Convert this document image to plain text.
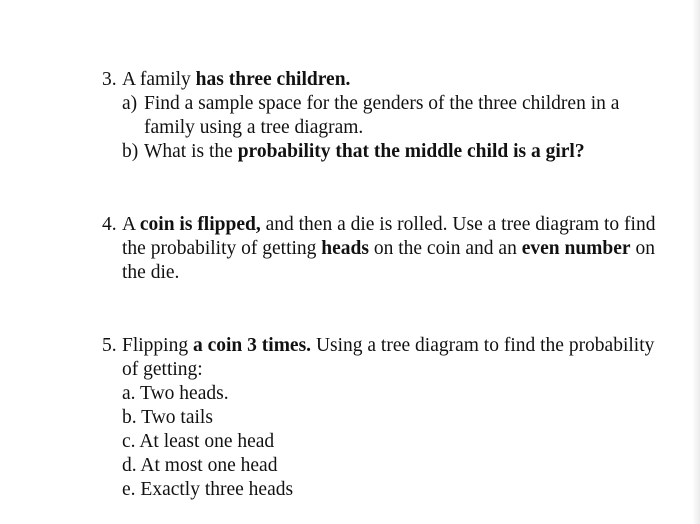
3. A family has three children.
a) Find a sample space for the genders of the three children in a family using a tree diagram.
b) What is the probability that the middle child is a girl?
4. A coin is flipped, and then a die is rolled. Use a tree diagram to find the probability of getting heads on the coin and an even number on the die.
5. Flipping a coin 3 times. Using a tree diagram to find the probability of getting:
a. Two heads.
b. Two tails
c. At least one head
d. At most one head
e. Exactly three heads
